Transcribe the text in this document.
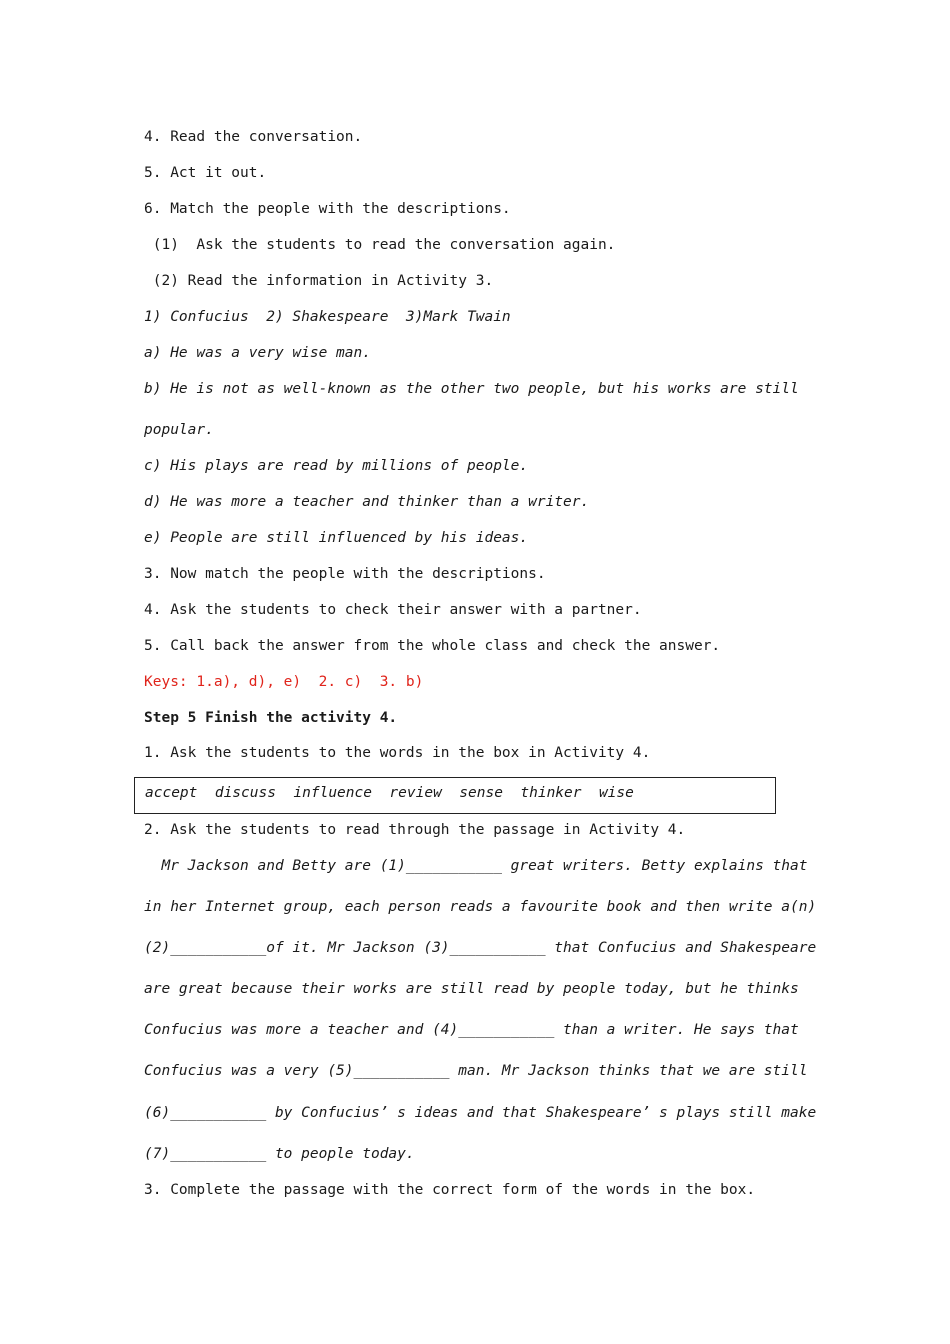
4. Read the conversation.
5. Act it out.
6. Match the people with the descriptions.
(1)  Ask the students to read the conversation again.
(2) Read the information in Activity 3.
1) Confucius  2) Shakespeare  3)Mark Twain
a) He was a very wise man.
b) He is not as well-known as the other two people, but his works are still
popular.
c) His plays are read by millions of people.
d) He was more a teacher and thinker than a writer.
e) People are still influenced by his ideas.
3. Now match the people with the descriptions.
4. Ask the students to check their answer with a partner.
5. Call back the answer from the whole class and check the answer.
Keys: 1.a), d), e)  2. c)  3. b)
Step 5 Finish the activity 4.
1. Ask the students to the words in the box in Activity 4.
accept  discuss  influence  review  sense  thinker  wise
2. Ask the students to read through the passage in Activity 4.
Mr Jackson and Betty are (1)___________ great writers. Betty explains that
in her Internet group, each person reads a favourite book and then write a(n)
(2)___________of it. Mr Jackson (3)___________ that Confucius and Shakespeare
are great because their works are still read by people today, but he thinks
Confucius was more a teacher and (4)___________ than a writer. He says that
Confucius was a very (5)___________ man. Mr Jackson thinks that we are still
(6)___________ by Confucius’ s ideas and that Shakespeare’ s plays still make
(7)___________ to people today.
3. Complete the passage with the correct form of the words in the box.
